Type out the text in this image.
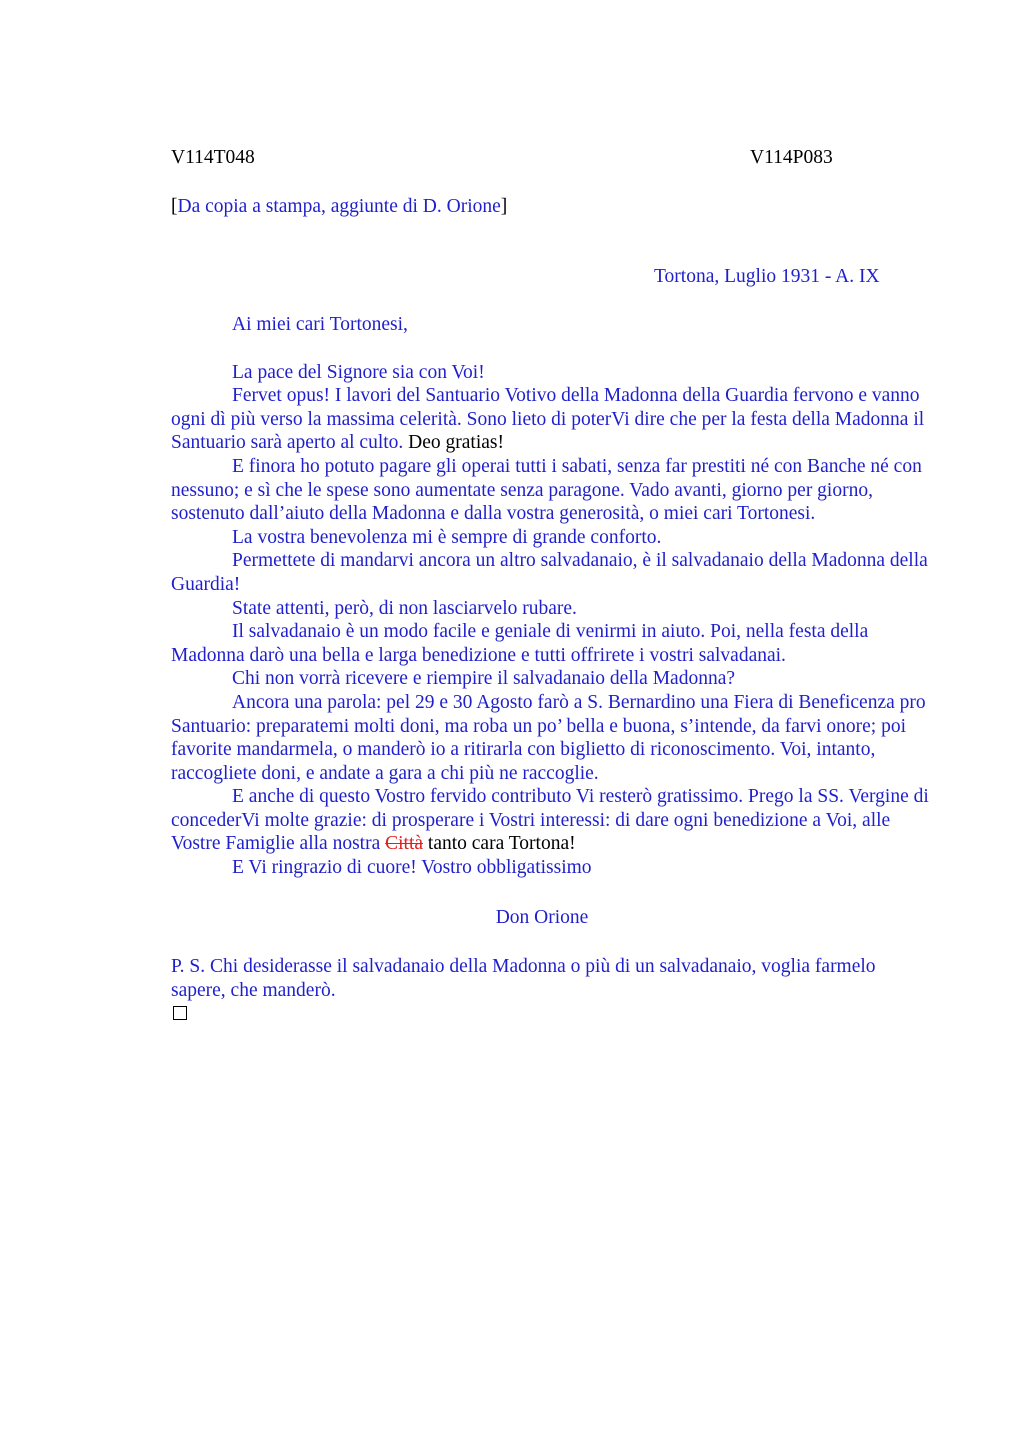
V114T048	V114P083
[Da copia a stampa, aggiunte di D. Orione]
Tortona, Luglio 1931 - A. IX

Ai miei cari Tortonesi,

La pace del Signore sia con Voi!

Fervet opus! I lavori del Santuario Votivo della Madonna della Guardia fervono e vanno ogni dì più verso la massima celerità. Sono lieto di poterVi dire che per la festa della Madonna il Santuario sarà aperto al culto. Deo gratias!

E finora ho potuto pagare gli operai tutti i sabati, senza far prestiti né con Banche né con nessuno; e sì che le spese sono aumentate senza paragone. Vado avanti, giorno per giorno, sostenuto dall’aiuto della Madonna e dalla vostra generosità, o miei cari Tortonesi.

La vostra benevolenza mi è sempre di grande conforto.

Permettete di mandarvi ancora un altro salvadanaio, è il salvadanaio della Madonna della Guardia!

State attenti, però, di non lasciarvelo rubare.

Il salvadanaio è un modo facile e geniale di venirmi in aiuto. Poi, nella festa della Madonna darò una bella e larga benedizione e tutti offrirete i vostri salvadanai.

Chi non vorrà ricevere e riempire il salvadanaio della Madonna?

Ancora una parola: pel 29 e 30 Agosto farò a S. Bernardino una Fiera di Beneficenza pro Santuario: preparatemi molti doni, ma roba un po’ bella e buona, s’intende, da farvi onore; poi favorite mandarmela, o manderò io a ritirarla con biglietto di riconoscimento. Voi, intanto, raccogliete doni, e andate a gara a chi più ne raccoglie.

E anche di questo Vostro fervido contributo Vi resterò gratissimo. Prego la SS. Vergine di concederVi molte grazie: di prosperare i Vostri interessi: di dare ogni benedizione a Voi, alle Vostre Famiglie alla nostra Città tanto cara Tortona!

E Vi ringrazio di cuore! Vostro obbligatissimo

Don Orione

P. S. Chi desiderasse il salvadanaio della Madonna o più di un salvadanaio, voglia farmelo sapere, che manderò.
